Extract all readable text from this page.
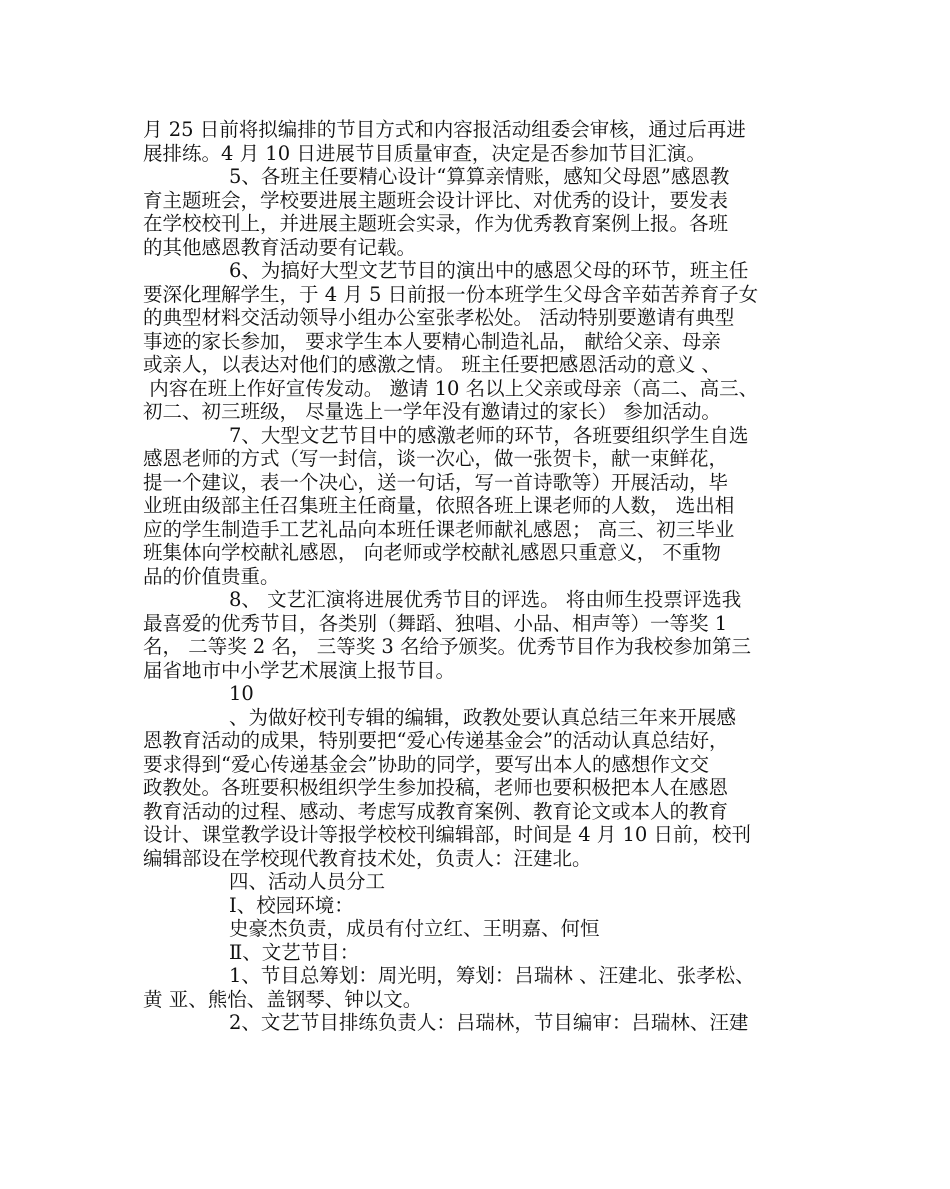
月 25 日前将拟编排的节目方式和内容报活动组委会审核，通过后再进
展排练。4 月 10 日进展节目质量审查，决定是否参加节目汇演。
5、各班主任要精心设计“算算亲情账，感知父母恩”感恩教
育主题班会，学校要进展主题班会设计评比、对优秀的设计，要发表
在学校校刊上，并进展主题班会实录，作为优秀教育案例上报。各班
的其他感恩教育活动要有记载。
6、为搞好大型文艺节目的演出中的感恩父母的环节，班主任
要深化理解学生，于 4 月 5 日前报一份本班学生父母含辛茹苦养育子女
的典型材料交活动领导小组办公室张孝松处。 活动特别要邀请有典型
事迹的家长参加， 要求学生本人要精心制造礼品， 献给父亲、母亲
或亲人，以表达对他们的感激之情。 班主任要把感恩活动的意义 、
内容在班上作好宣传发动。 邀请 10 名以上父亲或母亲（高二、高三、
初二、初三班级， 尽量选上一学年没有邀请过的家长） 参加活动。
7、大型文艺节目中的感激老师的环节，各班要组织学生自选
感恩老师的方式（写一封信，谈一次心，做一张贺卡，献一束鲜花，
提一个建议，表一个决心，送一句话，写一首诗歌等）开展活动，毕
业班由级部主任召集班主任商量，依照各班上课老师的人数， 选出相
应的学生制造手工艺礼品向本班任课老师献礼感恩； 高三、初三毕业
班集体向学校献礼感恩， 向老师或学校献礼感恩只重意义， 不重物
品的价值贵重。
8、 文艺汇演将进展优秀节目的评选。 将由师生投票评选我
最喜爱的优秀节目，各类别（舞蹈、独唱、小品、相声等）一等奖 1
名， 二等奖 2 名， 三等奖 3 名给予颁奖。优秀节目作为我校参加第三
届省地市中小学艺术展演上报节目。
10
、为做好校刊专辑的编辑，政教处要认真总结三年来开展感
恩教育活动的成果，特别要把“爱心传递基金会”的活动认真总结好，
要求得到“爱心传递基金会”协助的同学，要写出本人的感想作文交
政教处。各班要积极组织学生参加投稿，老师也要积极把本人在感恩
教育活动的过程、感动、考虑写成教育案例、教育论文或本人的教育
设计、课堂教学设计等报学校校刊编辑部，时间是 4 月 10 日前，校刊
编辑部设在学校现代教育技术处，负责人：汪建北。
四、活动人员分工
Ⅰ、校园环境：
史豪杰负责，成员有付立红、王明嘉、何恒
Ⅱ、文艺节目：
1、节目总筹划：周光明，筹划：吕瑞林 、汪建北、张孝松、
黄 亚、熊怡、盖钢琴、钟以文。
2、文艺节目排练负责人：吕瑞林，节目编审：吕瑞林、汪建
